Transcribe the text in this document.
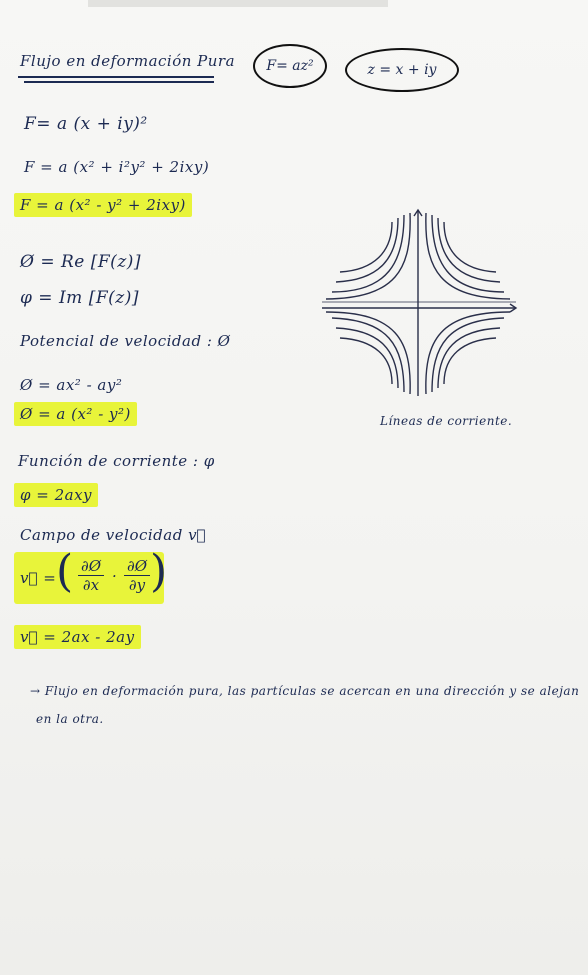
Flujo en deformación Pura F= az²	z = x + iy
F= a (x + iy)²
F = a (x² + i²y² + 2ixy)
F = a (x² - y² + 2ixy)
Ø = Re [F(z)]
φ = Im [F(z)]
Potencial de velocidad : Ø
Ø = ax² - ay²
Ø = a (x² - y²)
Función de corriente : φ
φ = 2axy
Campo de velocidad v⃗
v⃗ = ( $\frac{\partial Ø}{\partial x} \cdot \frac{\partial Ø}{\partial y}$ )
v⃗ = 2ax - 2ay
→ Flujo en deformación pura, las partículas se acercan en una dirección y se alejan
en la otra.
Líneas de corriente.
